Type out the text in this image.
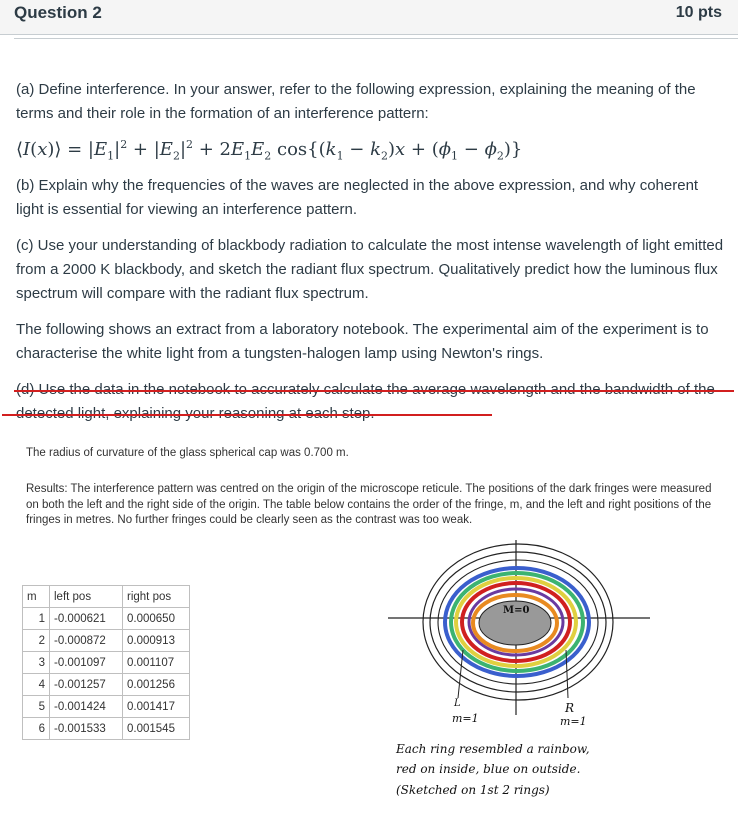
Question 2	10 pts

(a) Define interference. In your answer, refer to the following expression, explaining the meaning of the terms and their role in the formation of an interference pattern:

⟨I(x)⟩ = $|E_1|^2 + |E_2|^2 + 2E_1E_2$ $\cos\{(k_1 - k_2)x + (\phi_1 - \phi_2)\}$

(b) Explain why the frequencies of the waves are neglected in the above expression, and why coherent light is essential for viewing an interference pattern.

(c) Use your understanding of blackbody radiation to calculate the most intense wavelength of light emitted from a 2000 K blackbody, and sketch the radiant flux spectrum. Qualitatively predict how the luminous flux spectrum will compare with the radiant flux spectrum.

The following shows an extract from a laboratory notebook. The experimental aim of the experiment is to characterise the white light from a tungsten-halogen lamp using Newton's rings.

The radius of curvature of the glass spherical cap was 0.700 m.
Results: The interference pattern was centred on the origin of the microscope reticule. The positions of the dark fringes were measured on both the left and the right side of the origin. The table below contains the order of the fringe, m, and the left and right positions of the fringes in metres. No further fringes could be clearly seen as the contrast was too weak.
m	left pos	right pos
1	-0.000621	0.000650
2	-0.000872	0.000913
3	-0.001097	0.001107
4	-0.001257	0.001256
5	-0.001424	0.001417
6	-0.001533	0.001545
M=0
L	R
m=1	m=1
Each ring resembled a rainbow,
red on inside, blue on outside.
(Sketched on 1st 2 rings)
